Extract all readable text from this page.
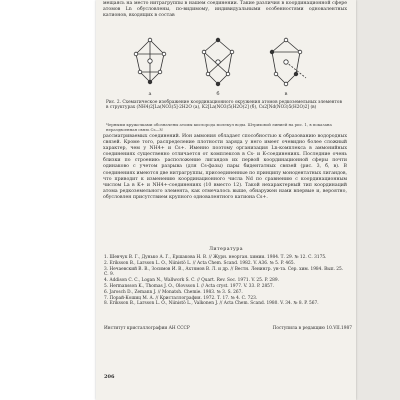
мещаясь на место нитрагруппы в нашем соединении. Такие различия в координационной сфере атомов Ln обусловлены, по-видимому, индивидуальными особенностями одновалентных катионов, входящих в состав
а	б	в
Рис. 2. Схематическое изображение координационного окружения атомов редкоземельных элементов в структурах (NH4)2[La(NO3)5]·2H2O (а), K2[La(NO3)5(H2O)2] (б), Cs2[Nd(NO3)5(H2O)2] (в)
Черными кружочками обозначены атомы кислорода молекул воды. Штриховой линией на рис. 1, в показана нераздвоенная связь Cs—N
рассматриваемых соединений. Ион аммония обладает способностью к образованию водородных связей. Кроме того, распределение плотности заряда у него имеет очевидно более сложный характер, чем у NH4+ и Cs+. Именно поэтому организация Ln-комплекса в аммонийных соединениях существенно отличается от комплексов в Cs- и K-соединениях. Последние очень близки по строению: расположение лигандов их первой координационной сферы почти одинаково с учетом разрыва (для Cs-фазы) пары бидентатных связей (рис. 3, б, в). В соединениях имеются две нитрагруппы, присоединенные по принципу монодентатных лигандов, что приводит к изменению координационного числа Nd по сравнению с координационным числом La в K+ и NH4+-соединениях (10 вместо 12). Такой нехарактерный тип координаций атома редкоземельного элемента, как отмечалось выше, обнаружен нами впервые и, вероятно, обусловлен присутствием крупного одновалентного катиона Cs+.
Литература
1. Шевчук В. Г., Дунько А. Г., Ершакова Н. В. // Журн. неорган. химии. 1984. Т. 29. № 12. С. 3175.
2. Eriksson B., Larsson L. O., Niinistö L. // Acta Chem. Scand. 1982. V. A36. № 5. P. 465.
3. Нечаевский В. В., Зосимов И. В., Ахтямов В. Л. и др. // Вестн. Ленингр. ун-та. Сер. хим. 1984. Вып. 25. С. 9.
4. Addison C. C., Logan N., Wallwork S. C. // Quart. Rev. Soc. 1971. V. 25. P. 289.
5. Hermansson K., Thomas J. O., Olovsson I. // Acta cryst. 1977. V. 33. P. 2857.
6. Jarosch D., Zemann J. // Monatsh. Chemie. 1983. № 3. S. 267.
7. Порай-Кошиц М. А. // Кристаллография. 1972. Т. 17. № 4. С. 723.
8. Eriksson B., Larsson L. O., Niinistö L., Valkonen J. // Acta Chem. Scand. 1980. V. 34. № 8. P. 567.
Институт кристаллографии АН СССР	Поступила в редакцию 10.VII.1987
206
